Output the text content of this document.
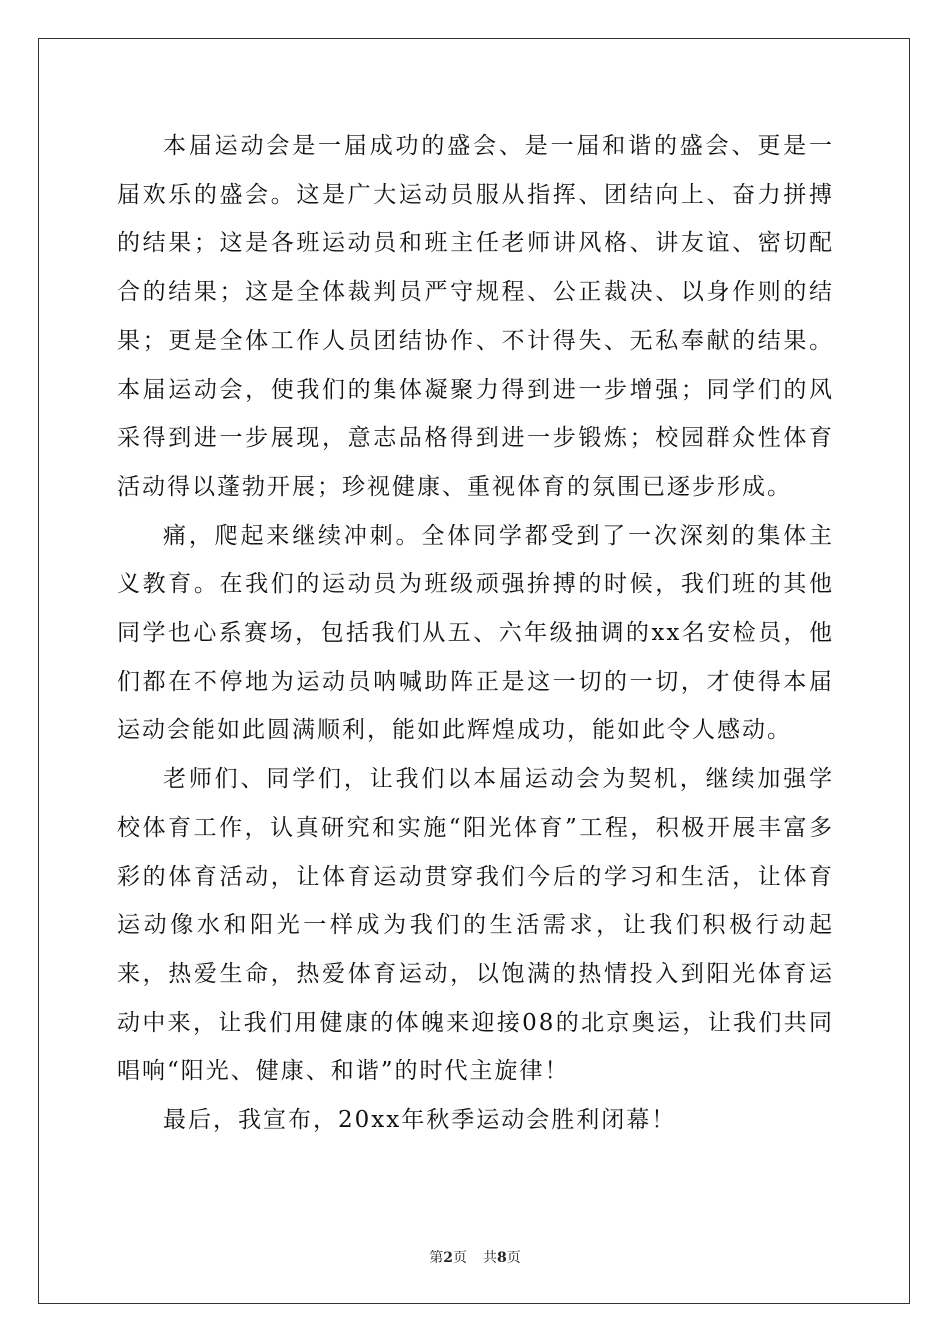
本届运动会是一届成功的盛会、是一届和谐的盛会、更是一届欢乐的盛会。这是广大运动员服从指挥、团结向上、奋力拼搏的结果；这是各班运动员和班主任老师讲风格、讲友谊、密切配合的结果；这是全体裁判员严守规程、公正裁决、以身作则的结果；更是全体工作人员团结协作、不计得失、无私奉献的结果。本届运动会，使我们的集体凝聚力得到进一步增强；同学们的风采得到进一步展现，意志品格得到进一步锻炼；校园群众性体育活动得以蓬勃开展；珍视健康、重视体育的氛围已逐步形成。

痛，爬起来继续冲刺。全体同学都受到了一次深刻的集体主义教育。在我们的运动员为班级顽强拚搏的时候，我们班的其他同学也心系赛场，包括我们从五、六年级抽调的xx名安检员，他们都在不停地为运动员呐喊助阵正是这一切的一切，才使得本届运动会能如此圆满顺利，能如此辉煌成功，能如此令人感动。

老师们、同学们，让我们以本届运动会为契机，继续加强学校体育工作，认真研究和实施“阳光体育”工程，积极开展丰富多彩的体育活动，让体育运动贯穿我们今后的学习和生活，让体育运动像水和阳光一样成为我们的生活需求，让我们积极行动起来，热爱生命，热爱体育运动，以饱满的热情投入到阳光体育运动中来，让我们用健康的体魄来迎接08的北京奥运，让我们共同唱响“阳光、健康、和谐”的时代主旋律！

最后，我宣布，20xx年秋季运动会胜利闭幕！

第2页 共8页
